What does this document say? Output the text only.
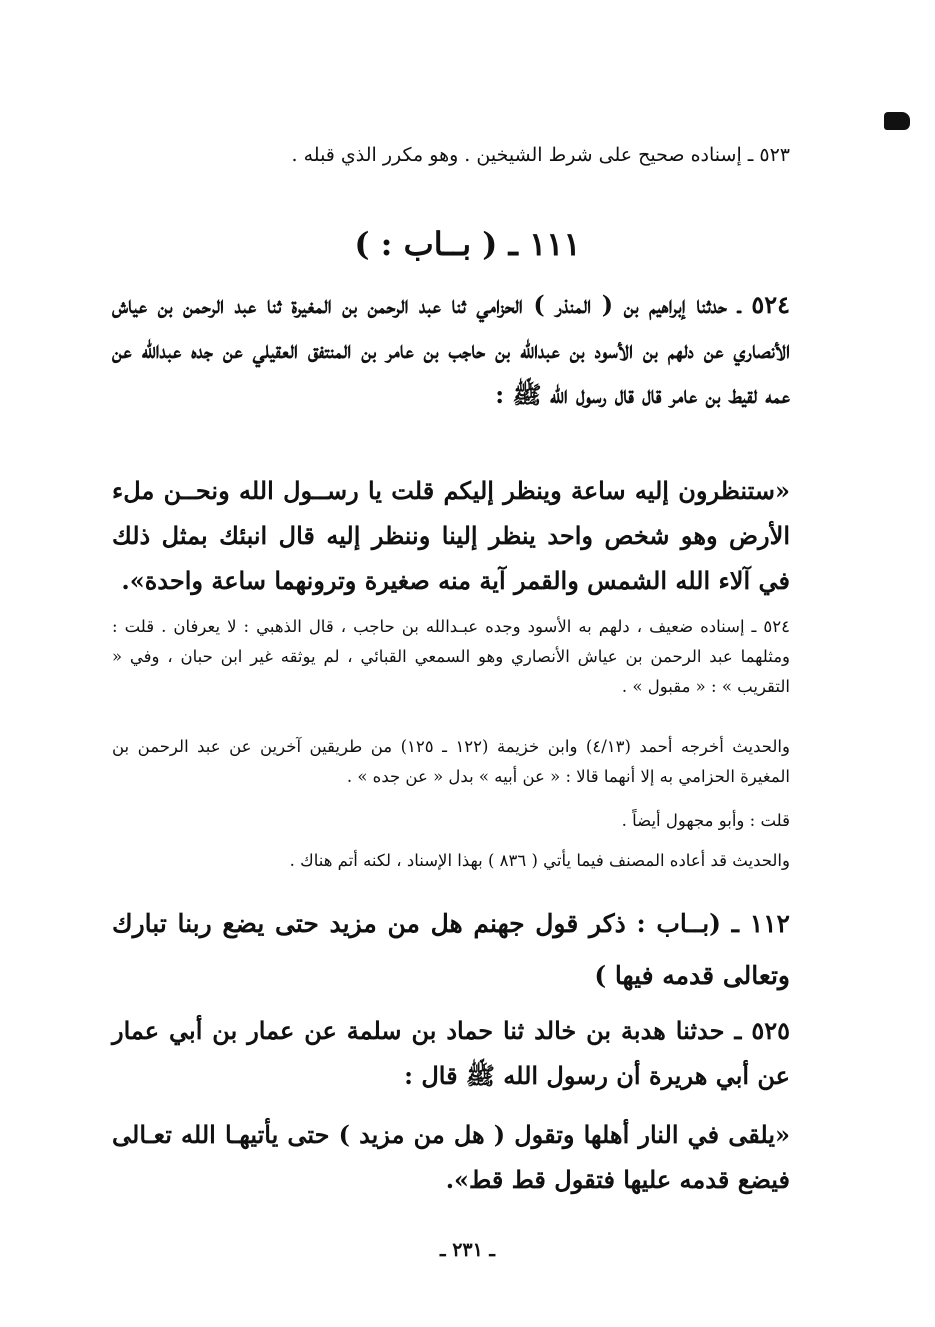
٥٢٣ ـ إسناده صحيح على شرط الشيخين . وهو مكرر الذي قبله .

١١١ ـ ( بــاب : )

٥٢٤ ـ حدثنا إبراهيم بن ( المنذر ) الحزامي ثنا عبد الرحمن بن المغيرة ثنا عبد الرحمن بن عياش الأنصاري عن دلهم بن الأسود بن عبدالله بن حاجب بن عامر بن المنتفق العقيلي عن جده عبدالله عن عمه لقيط بن عامر قال قال رسول الله ﷺ :

«ستنظرون إليه ساعة وينظر إليكم قلت يا رســول الله ونحــن ملء الأرض وهو شخص واحد ينظر إلينا وننظر إليه قال انبئك بمثل ذلك في آلاء الله الشمس والقمر آية منه صغيرة وترونهما ساعة واحدة».

٥٢٤ ـ إسناده ضعيف ، دلهم به الأسود وجده عبـدالله بن حاجب ، قال الذهبي : لا يعرفان . قلت : ومثلهما عبد الرحمن بن عياش الأنصاري وهو السمعي القبائي ، لم يوثقه غير ابن حبان ، وفي « التقريب » : « مقبول » .

والحديث أخرجه أحمد (٤/١٣) وابن خزيمة (١٢٢ ـ ١٢٥) من طريقين آخرين عن عبد الرحمن بن المغيرة الحزامي به إلا أنهما قالا : « عن أبيه » بدل « عن جده » .

قلت : وأبو مجهول أيضاً .

والحديث قد أعاده المصنف فيما يأتي ( ٨٣٦ ) بهذا الإسناد ، لكنه أتم هناك .

١١٢ ـ (بــاب : ذكر قول جهنم هل من مزيد حتى يضع ربنا تبارك وتعالى قدمه فيها )

٥٢٥ ـ حدثنا هدبة بن خالد ثنا حماد بن سلمة عن عمار بن أبي عمار عن أبي هريرة أن رسول الله ﷺ قال :

«يلقى في النار أهلها وتقول ( هل من مزيد ) حتى يأتيهـا الله تعـالى فيضع قدمه عليها فتقول قط قط».

ـ ٢٣١ ـ
